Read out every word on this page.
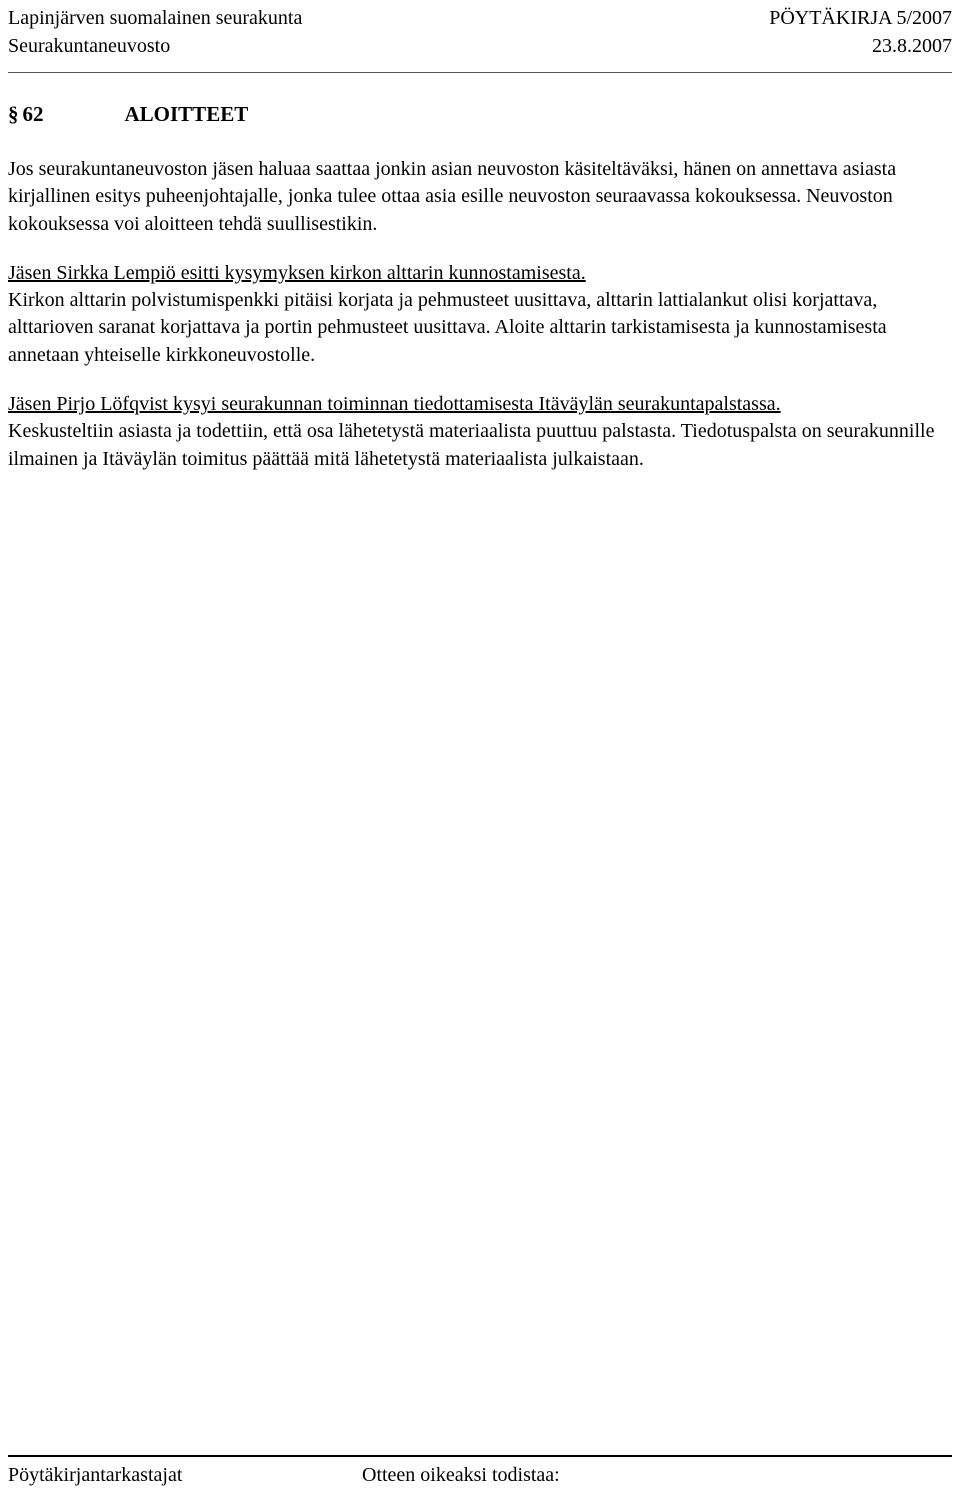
Lapinjärven suomalainen seurakunta	PÖYTÄKIRJA 5/2007
Seurakuntaneuvosto	23.8.2007
§ 62	ALOITTEET

Jos seurakuntaneuvoston jäsen haluaa saattaa jonkin asian neuvoston käsiteltäväksi, hänen on annettava asiasta kirjallinen esitys puheenjohtajalle, jonka tulee ottaa asia esille neuvoston seuraavassa kokouksessa. Neuvoston kokouksessa voi aloitteen tehdä suullisestikin.

Jäsen Sirkka Lempiö esitti kysymyksen kirkon alttarin kunnostamisesta.

Kirkon alttarin polvistumispenkki pitäisi korjata ja pehmusteet uusittava, alttarin lattialankut olisi korjattava, alttarioven saranat korjattava ja portin pehmusteet uusittava. Aloite alttarin tarkistamisesta ja kunnostamisesta annetaan yhteiselle kirkkoneuvostolle.

Jäsen Pirjo Löfqvist kysyi seurakunnan toiminnan tiedottamisesta Itäväylän seurakuntapalstassa.

Keskusteltiin asiasta ja todettiin, että osa lähetetystä materiaalista puuttuu palstasta. Tiedotuspalsta on seurakunnille ilmainen ja Itäväylän toimitus päättää mitä lähetetystä materiaalista julkaistaan.

Pöytäkirjantarkastajat	Otteen oikeaksi todistaa:
